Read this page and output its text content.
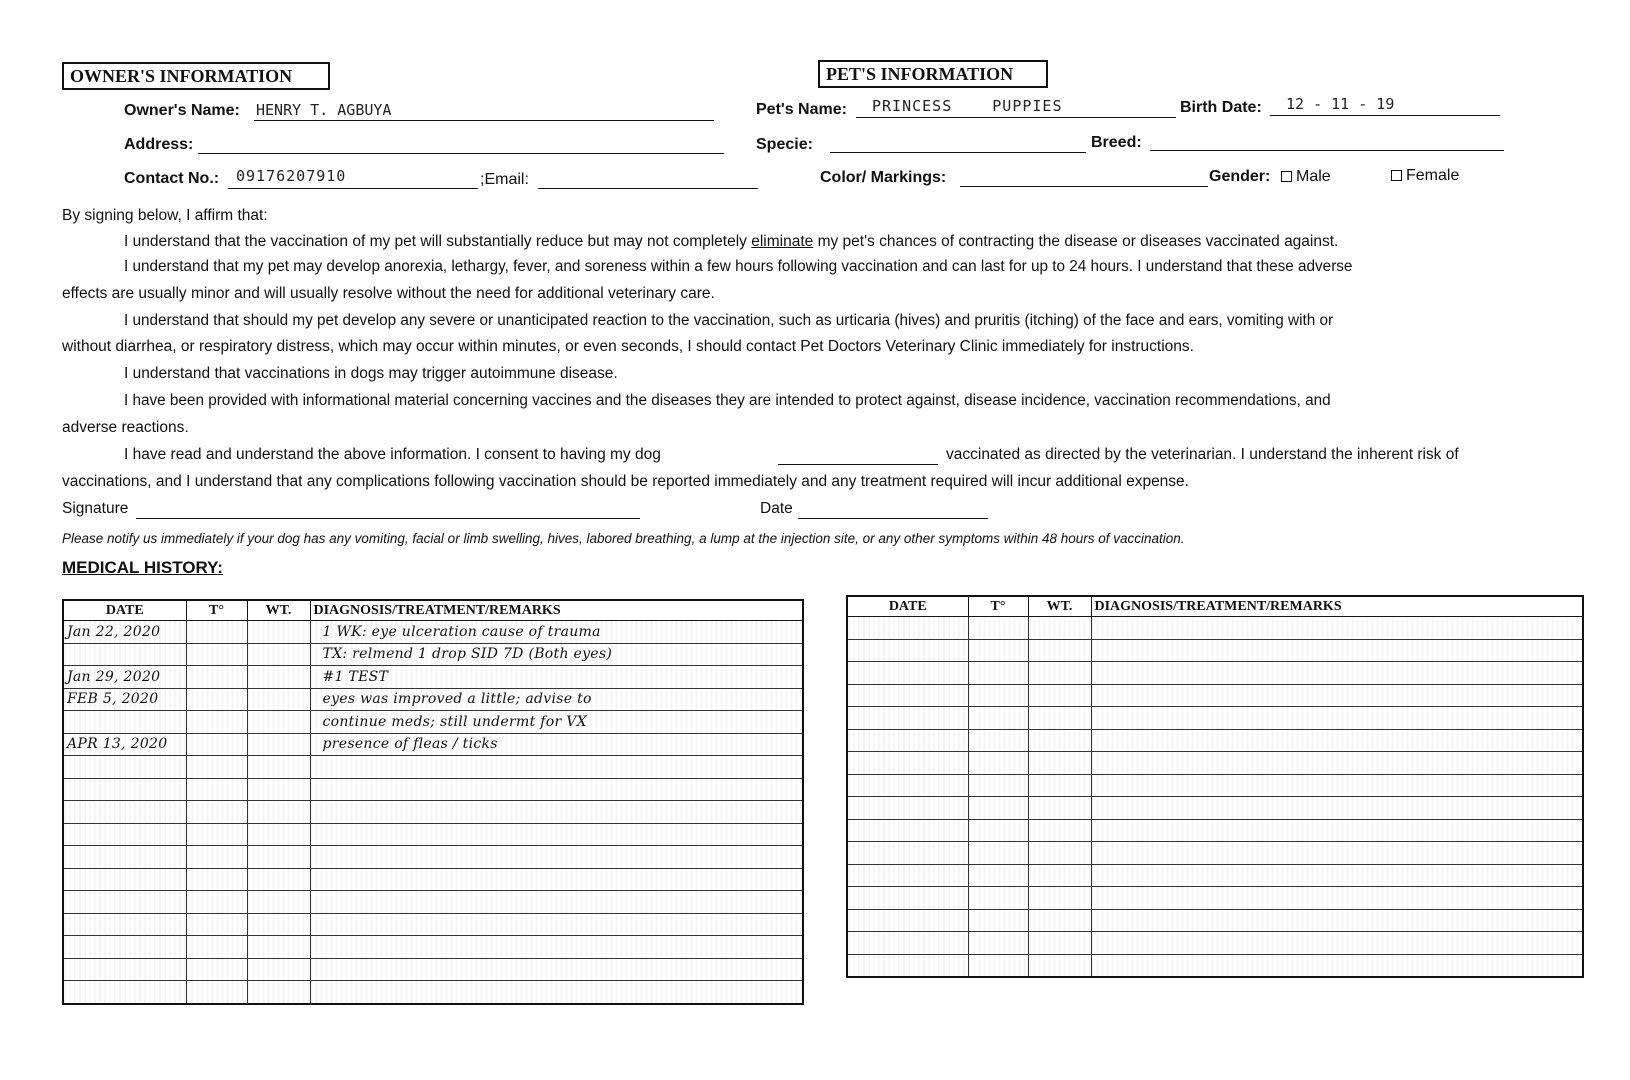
OWNER'S INFORMATION
Owner's Name: HENRY T. AGBUYA
Address:
Contact No.: 09176207910	;Email:
PET'S INFORMATION
Pet's Name: PRINCESS PUPPIES	Birth Date: 12 - 11 - 19
Specie:	Breed:
Color/ Markings:	Gender:	Male	Female
By signing below, I affirm that:
I understand that the vaccination of my pet will substantially reduce but may not completely eliminate my pet's chances of contracting the disease or diseases vaccinated against.
I understand that my pet may develop anorexia, lethargy, fever, and soreness within a few hours following vaccination and can last for up to 24 hours. I understand that these adverse
effects are usually minor and will usually resolve without the need for additional veterinary care.
I understand that should my pet develop any severe or unanticipated reaction to the vaccination, such as urticaria (hives) and pruritis (itching) of the face and ears, vomiting with or
without diarrhea, or respiratory distress, which may occur within minutes, or even seconds, I should contact Pet Doctors Veterinary Clinic immediately for instructions.
I understand that vaccinations in dogs may trigger autoimmune disease.
I have been provided with informational material concerning vaccines and the diseases they are intended to protect against, disease incidence, vaccination recommendations, and
adverse reactions.
I have read and understand the above information. I consent to having my dog	vaccinated as directed by the veterinarian. I understand the inherent risk of
vaccinations, and I understand that any complications following vaccination should be reported immediately and any treatment required will incur additional expense.
Signature	Date
Please notify us immediately if your dog has any vomiting, facial or limb swelling, hives, labored breathing, a lump at the injection site, or any other symptoms within 48 hours of vaccination.
MEDICAL HISTORY:
DATE	T°	WT.	DIAGNOSIS/TREATMENT/REMARKS
Jan 22, 2020			1 WK: eye ulceration cause of trauma
			TX: relmend 1 drop SID 7D (Both eyes)
Jan 29, 2020			#1 TEST
FEB 5, 2020			eyes was improved a little; advise to
			continue meds; still undermt for VX
APR 13, 2020			presence of fleas / ticks

DATE	T°	WT.	DIAGNOSIS/TREATMENT/REMARKS
